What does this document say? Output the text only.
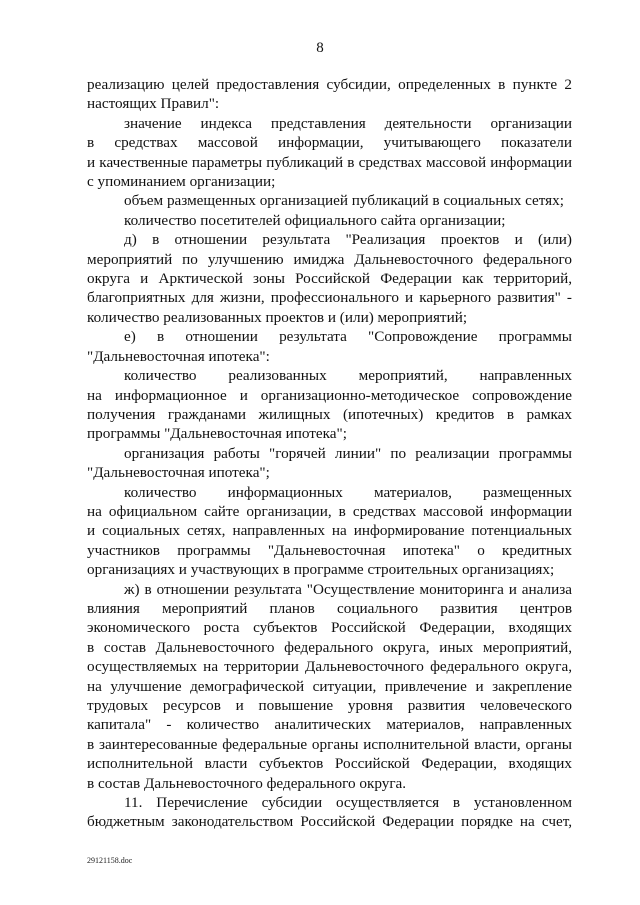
8

реализацию целей предоставления субсидии, определенных в пункте 2

настоящих Правил":

значение индекса представления деятельности организации

в средствах массовой информации, учитывающего показатели

и качественные параметры публикаций в средствах массовой информации

с упоминанием организации;

объем размещенных организацией публикаций в социальных сетях;

количество посетителей официального сайта организации;

д) в отношении результата "Реализация проектов и (или)

мероприятий по улучшению имиджа Дальневосточного федерального

округа и Арктической зоны Российской Федерации как территорий,

благоприятных для жизни, профессионального и карьерного развития" -

количество реализованных проектов и (или) мероприятий;

е) в отношении результата "Сопровождение программы

"Дальневосточная ипотека":

количество реализованных мероприятий, направленных

на информационное и организационно-методическое сопровождение

получения гражданами жилищных (ипотечных) кредитов в рамках

программы "Дальневосточная ипотека";

организация работы "горячей линии" по реализации программы

"Дальневосточная ипотека";

количество информационных материалов, размещенных

на официальном сайте организации, в средствах массовой информации

и социальных сетях, направленных на информирование потенциальных

участников программы "Дальневосточная ипотека" о кредитных

организациях и участвующих в программе строительных организациях;

ж) в отношении результата "Осуществление мониторинга и анализа

влияния мероприятий планов социального развития центров

экономического роста субъектов Российской Федерации, входящих

в состав Дальневосточного федерального округа, иных мероприятий,

осуществляемых на территории Дальневосточного федерального округа,

на улучшение демографической ситуации, привлечение и закрепление

трудовых ресурсов и повышение уровня развития человеческого

капитала" - количество аналитических материалов, направленных

в заинтересованные федеральные органы исполнительной власти, органы

исполнительной власти субъектов Российской Федерации, входящих

в состав Дальневосточного федерального округа.

11. Перечисление субсидии осуществляется в установленном

бюджетным законодательством Российской Федерации порядке на счет,

29121158.doc
